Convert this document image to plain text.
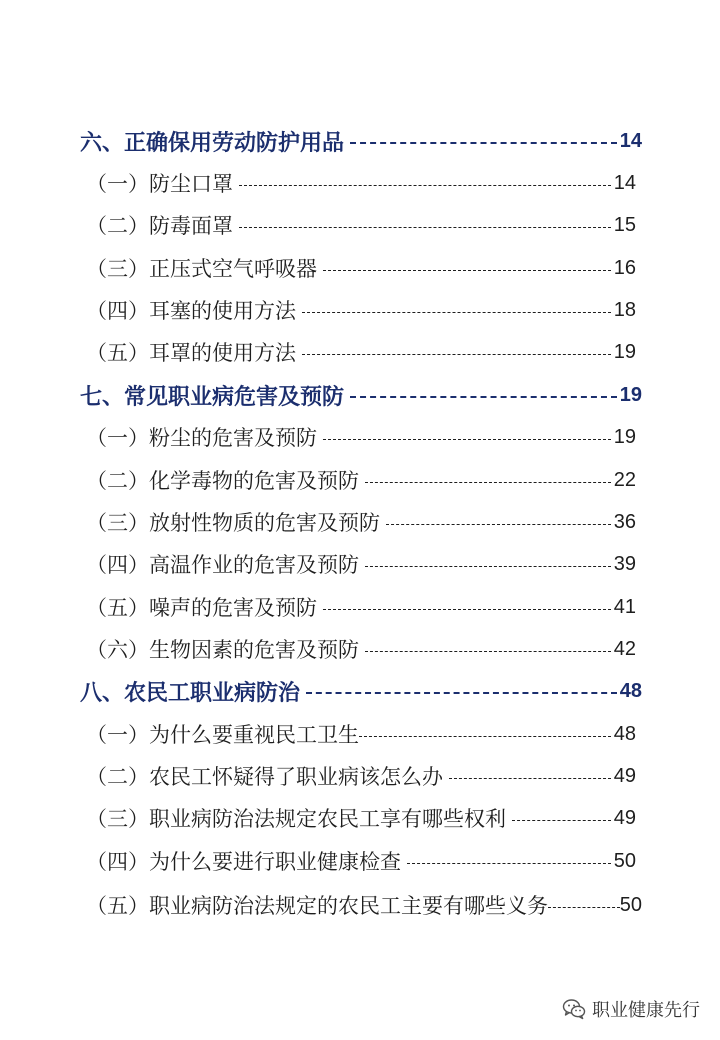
六、正确保用劳动防护用品	14
（一）防尘口罩	14
（二）防毒面罩	15
（三）正压式空气呼吸器	16
（四）耳塞的使用方法	18
（五）耳罩的使用方法	19
七、常见职业病危害及预防	19
（一）粉尘的危害及预防	19
（二）化学毒物的危害及预防	22
（三）放射性物质的危害及预防	36
（四）高温作业的危害及预防	39
（五）噪声的危害及预防	41
（六）生物因素的危害及预防	42
八、农民工职业病防治	48
（一）为什么要重视民工卫生	48
（二）农民工怀疑得了职业病该怎么办	49
（三）职业病防治法规定农民工享有哪些权利	49
（四）为什么要进行职业健康检查	50
（五）职业病防治法规定的农民工主要有哪些义务	50
职业健康先行
